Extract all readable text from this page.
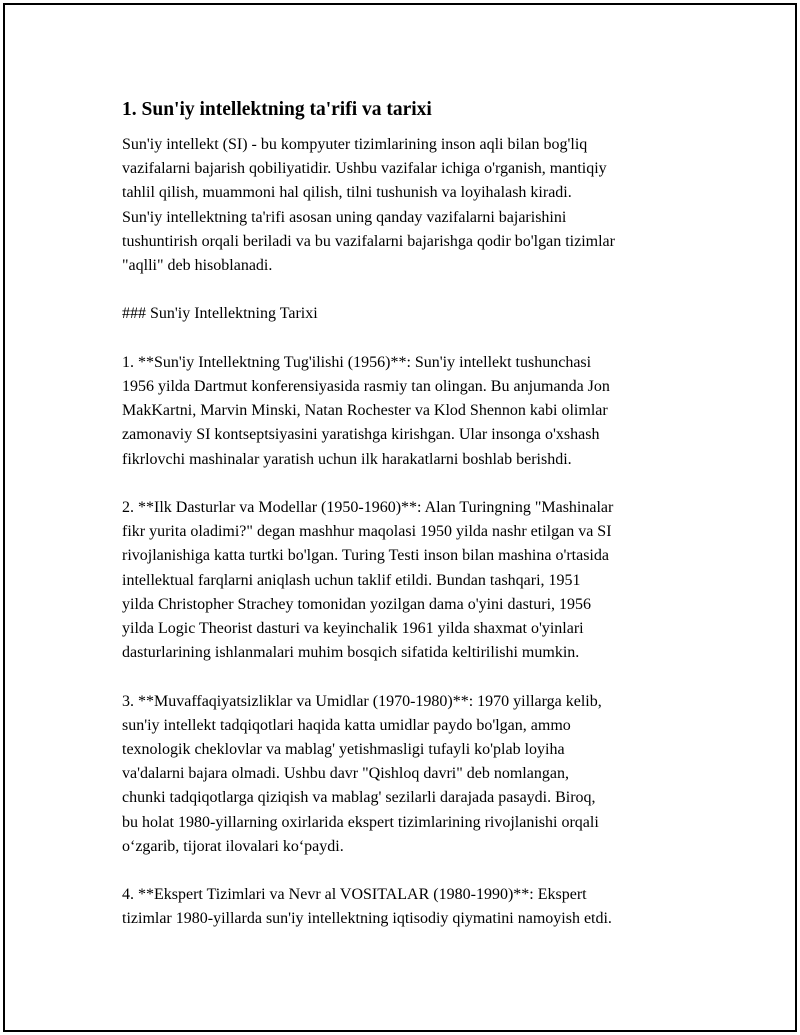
1. Sun'iy intellektning ta'rifi va tarixi
Sun'iy intellekt (SI) - bu kompyuter tizimlarining inson aqli bilan bog'liq
vazifalarni bajarish qobiliyatidir. Ushbu vazifalar ichiga o'rganish, mantiqiy
tahlil qilish, muammoni hal qilish, tilni tushunish va loyihalash kiradi.
Sun'iy intellektning ta'rifi asosan uning qanday vazifalarni bajarishini
tushuntirish orqali beriladi va bu vazifalarni bajarishga qodir bo'lgan tizimlar
"aqlli" deb hisoblanadi.
### Sun'iy Intellektning Tarixi
1. **Sun'iy Intellektning Tug'ilishi (1956)**: Sun'iy intellekt tushunchasi
1956 yilda Dartmut konferensiyasida rasmiy tan olingan. Bu anjumanda Jon
MakKartni, Marvin Minski, Natan Rochester va Klod Shennon kabi olimlar
zamonaviy SI kontseptsiyasini yaratishga kirishgan. Ular insonga o'xshash
fikrlovchi mashinalar yaratish uchun ilk harakatlarni boshlab berishdi.
2. **Ilk Dasturlar va Modellar (1950-1960)**: Alan Turingning "Mashinalar
fikr yurita oladimi?" degan mashhur maqolasi 1950 yilda nashr etilgan va SI
rivojlanishiga katta turtki bo'lgan. Turing Testi inson bilan mashina o'rtasida
intellektual farqlarni aniqlash uchun taklif etildi. Bundan tashqari, 1951
yilda Christopher Strachey tomonidan yozilgan dama o'yini dasturi, 1956
yilda Logic Theorist dasturi va keyinchalik 1961 yilda shaxmat o'yinlari
dasturlarining ishlanmalari muhim bosqich sifatida keltirilishi mumkin.
3. **Muvaffaqiyatsizliklar va Umidlar (1970-1980)**: 1970 yillarga kelib,
sun'iy intellekt tadqiqotlari haqida katta umidlar paydo bo'lgan, ammo
texnologik cheklovlar va mablag' yetishmasligi tufayli ko'plab loyiha
va'dalarni bajara olmadi. Ushbu davr "Qishloq davri" deb nomlangan,
chunki tadqiqotlarga qiziqish va mablag' sezilarli darajada pasaydi. Biroq,
bu holat 1980-yillarning oxirlarida ekspert tizimlarining rivojlanishi orqali
o‘zgarib, tijorat ilovalari ko‘paydi.
4. **Ekspert Tizimlari va Nevr al VOSITALAR (1980-1990)**: Ekspert
tizimlar 1980-yillarda sun'iy intellektning iqtisodiy qiymatini namoyish etdi.
